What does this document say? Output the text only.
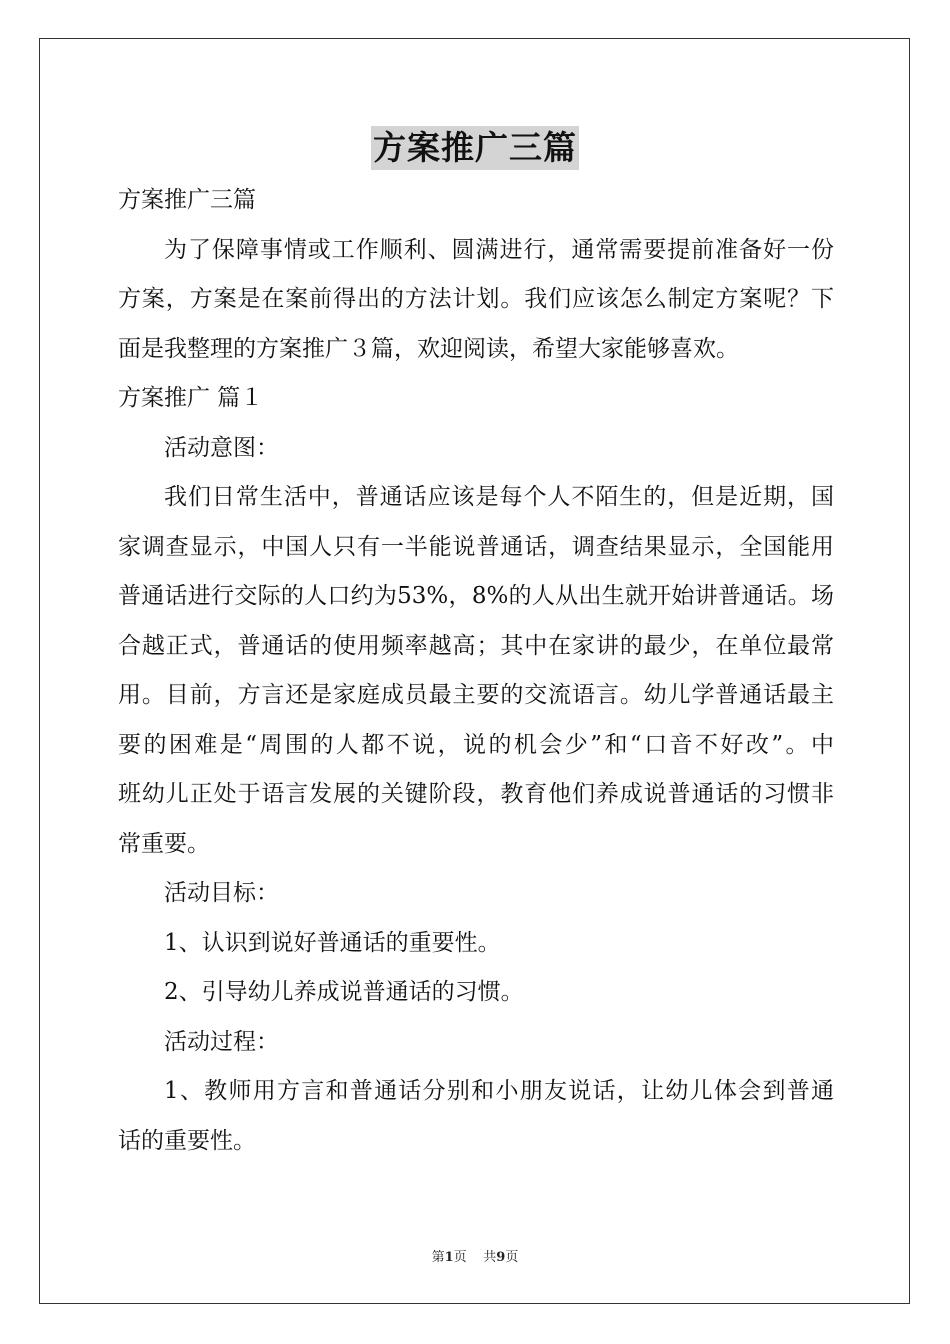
方案推广三篇
方案推广三篇
为了保障事情或工作顺利、圆满进行，通常需要提前准备好一份
方案，方案是在案前得出的方法计划。我们应该怎么制定方案呢？下
面是我整理的方案推广３篇，欢迎阅读，希望大家能够喜欢。
方案推广 篇１
活动意图：
我们日常生活中，普通话应该是每个人不陌生的，但是近期，国
家调查显示，中国人只有一半能说普通话，调查结果显示，全国能用
普通话进行交际的人口约为53%，8%的人从出生就开始讲普通话。场
合越正式，普通话的使用频率越高；其中在家讲的最少，在单位最常
用。目前，方言还是家庭成员最主要的交流语言。幼儿学普通话最主
要的困难是“周围的人都不说，说的机会少”和“口音不好改”。中
班幼儿正处于语言发展的关键阶段，教育他们养成说普通话的习惯非
常重要。
活动目标：
1、认识到说好普通话的重要性。
2、引导幼儿养成说普通话的习惯。
活动过程：
1、教师用方言和普通话分别和小朋友说话，让幼儿体会到普通
话的重要性。
第1页 共9页
